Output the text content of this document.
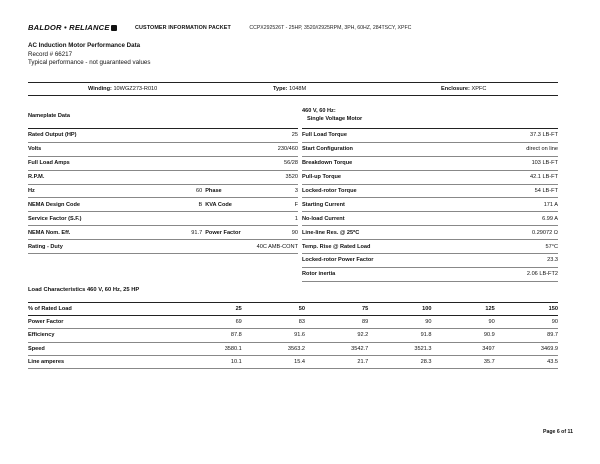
BALDOR • RELIANCE	CUSTOMER INFORMATION PACKET	CCPX292526T - 25HP, 3520//2925RPM, 3PH, 60HZ, 284TSCY, XPFC
AC Induction Motor Performance Data
Record # 66217
Typical performance - not guaranteed values
Winding: 10WGZ273-R010	Type: 1048M	Enclosure: XPFC
Nameplate Data			
Rated Output (HP)			25
Volts			230/460
Full Load Amps			56/28
R.P.M.			3520
Hz	60	Phase	3
NEMA Design Code	B	KVA Code	F
Service Factor (S.F.)			1
NEMA Nom. Eff.	91.7	Power Factor	90
Rating - Duty			40C AMB-CONT
460 V, 60 Hz:
Single Voltage Motor	

Full Load Torque	37.3 LB-FT
Start Configuration	direct on line
Breakdown Torque	103 LB-FT
Pull-up Torque	42.1 LB-FT
Locked-rotor Torque	54 LB-FT
Starting Current	171 A
No-load Current	6.99 A
Line-line Res. @ 25ºC	0.29072 Ω
Temp. Rise @ Rated Load	57°C
Locked-rotor Power Factor	23.3
Rotor inertia	2.06 LB-FT2
Load Characteristics 460 V, 60 Hz, 25 HP
% of Rated Load	25	50	75	100	125	150
Power Factor	69	83	89	90	90	90
Efficiency	87.8	91.6	92.2	91.8	90.9	89.7
Speed	3580.1	3563.2	3542.7	3521.3	3497	3469.9
Line amperes	10.1	15.4	21.7	28.3	35.7	43.5
Page 6 of 11
